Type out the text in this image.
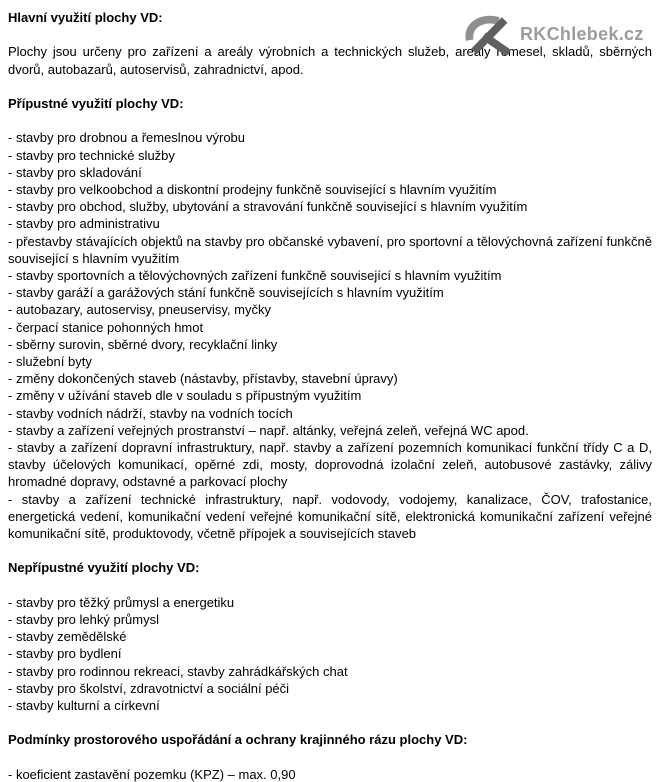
RKChlebek.cz
Hlavní využití plochy VD:

Plochy jsou určeny pro zařízení a areály výrobních a technických služeb, areály řemesel, skladů, sběrných dvorů, autobazarů, autoservisů, zahradnictví, apod.

Přípustné využití plochy VD:
- stavby pro drobnou a řemeslnou výrobu
- stavby pro technické služby
- stavby pro skladování
- stavby pro velkoobchod a diskontní prodejny funkčně související s hlavním využitím
- stavby pro obchod, služby, ubytování a stravování funkčně související s hlavním využitím
- stavby pro administrativu
- přestavby stávajících objektů na stavby pro občanské vybavení, pro sportovní a tělovýchovná zařízení funkčně související s hlavním využitím
- stavby sportovních a tělovýchovných zařízení funkčně související s hlavním využitím
- stavby garáží a garážových stání funkčně souvisejících s hlavním využitím
- autobazary, autoservisy, pneuservisy, myčky
- čerpací stanice pohonných hmot
- sběrny surovin, sběrné dvory, recyklační linky
- služební byty
- změny dokončených staveb (nástavby, přístavby, stavební úpravy)
- změny v užívání staveb dle v souladu s přípustným využitím
- stavby vodních nádrží, stavby na vodních tocích
- stavby a zařízení veřejných prostranství – např. altánky, veřejná zeleň, veřejná WC apod.
- stavby a zařízení dopravní infrastruktury, např. stavby a zařízení pozemních komunikací funkční třídy C a D, stavby účelových komunikací, opěrné zdi, mosty, doprovodná izolační zeleň, autobusové zastávky, zálivy hromadné dopravy, odstavné a parkovací plochy
- stavby a zařízení technické infrastruktury, např. vodovody, vodojemy, kanalizace, ČOV, trafostanice, energetická vedení, komunikační vedení veřejné komunikační sítě, elektronická komunikační zařízení veřejné komunikační sítě, produktovody, včetně přípojek a souvisejících staveb
Nepřípustné využití plochy VD:
- stavby pro těžký průmysl a energetiku
- stavby pro lehký průmysl
- stavby zemědělské
- stavby pro bydlení
- stavby pro rodinnou rekreaci, stavby zahrádkářských chat
- stavby pro školství, zdravotnictví a sociální péči
- stavby kulturní a církevní
Podmínky prostorového uspořádání a ochrany krajinného rázu plochy VD:
- koeficient zastavění pozemku (KPZ) – max. 0,90
